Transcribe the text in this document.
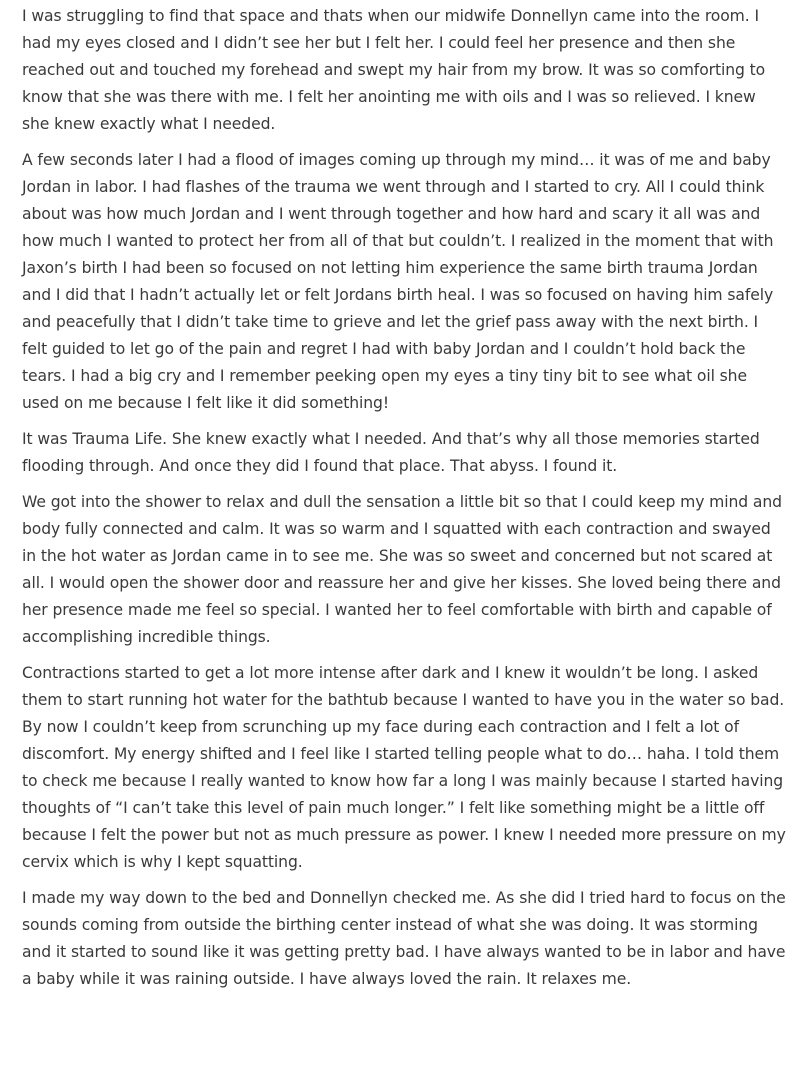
I was struggling to find that space and thats when our midwife Donnellyn came into the room. I had my eyes closed and I didn’t see her but I felt her. I could feel her presence and then she reached out and touched my forehead and swept my hair from my brow. It was so comforting to know that she was there with me. I felt her anointing me with oils and I was so relieved. I knew she knew exactly what I needed.

A few seconds later I had a flood of images coming up through my mind… it was of me and baby Jordan in labor. I had flashes of the trauma we went through and I started to cry. All I could think about was how much Jordan and I went through together and how hard and scary it all was and how much I wanted to protect her from all of that but couldn’t. I realized in the moment that with Jaxon’s birth I had been so focused on not letting him experience the same birth trauma Jordan and I did that I hadn’t actually let or felt Jordans birth heal. I was so focused on having him safely and peacefully that I didn’t take time to grieve and let the grief pass away with the next birth. I felt guided to let go of the pain and regret I had with baby Jordan and I couldn’t hold back the tears. I had a big cry and I remember peeking open my eyes a tiny tiny bit to see what oil she used on me because I felt like it did something!

It was Trauma Life. She knew exactly what I needed. And that’s why all those memories started flooding through. And once they did I found that place. That abyss. I found it.

We got into the shower to relax and dull the sensation a little bit so that I could keep my mind and body fully connected and calm. It was so warm and I squatted with each contraction and swayed in the hot water as Jordan came in to see me. She was so sweet and concerned but not scared at all. I would open the shower door and reassure her and give her kisses. She loved being there and her presence made me feel so special. I wanted her to feel comfortable with birth and capable of accomplishing incredible things.

Contractions started to get a lot more intense after dark and I knew it wouldn’t be long. I asked them to start running hot water for the bathtub because I wanted to have you in the water so bad. By now I couldn’t keep from scrunching up my face during each contraction and I felt a lot of discomfort. My energy shifted and I feel like I started telling people what to do… haha. I told them to check me because I really wanted to know how far a long I was mainly because I started having thoughts of “I can’t take this level of pain much longer.” I felt like something might be a little off because I felt the power but not as much pressure as power. I knew I needed more pressure on my cervix which is why I kept squatting.

I made my way down to the bed and Donnellyn checked me. As she did I tried hard to focus on the sounds coming from outside the birthing center instead of what she was doing. It was storming and it started to sound like it was getting pretty bad. I have always wanted to be in labor and have a baby while it was raining outside. I have always loved the rain. It relaxes me.
